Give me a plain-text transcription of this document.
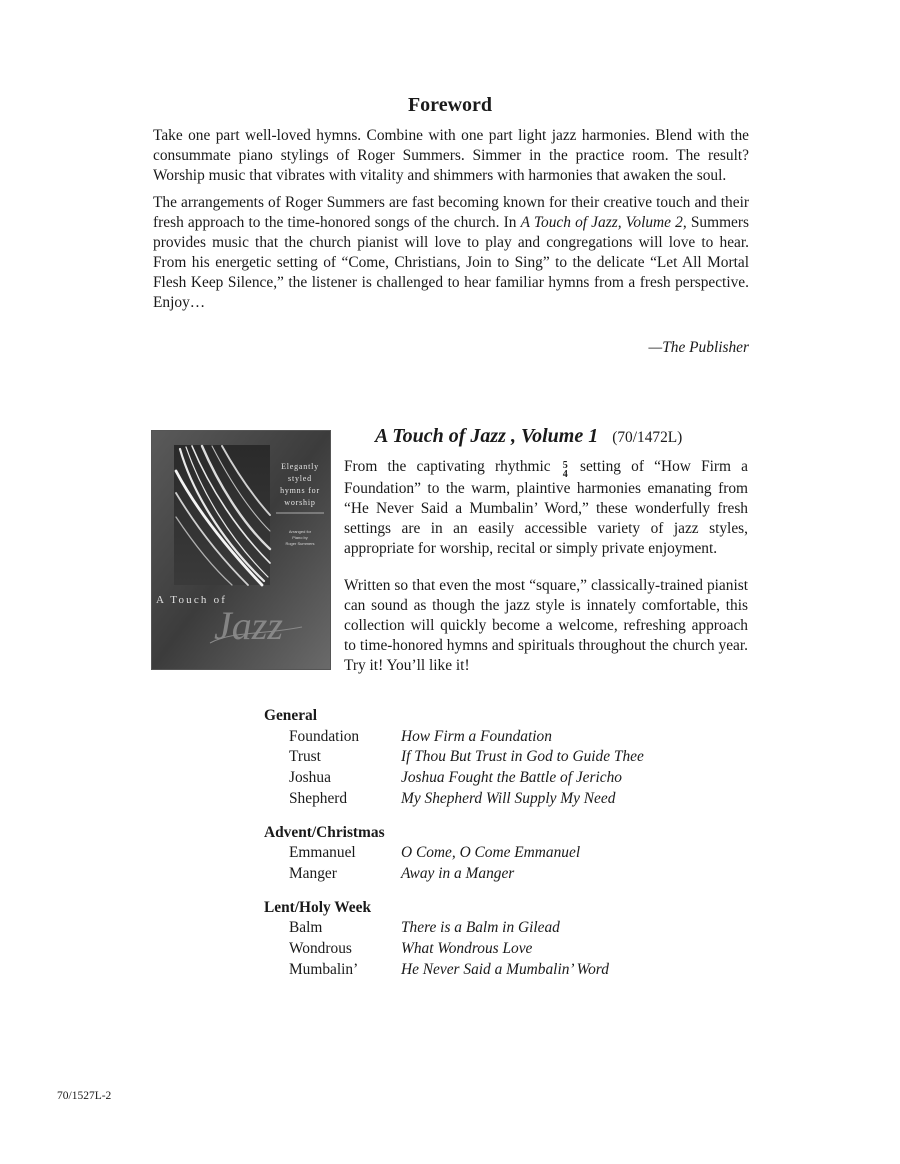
Foreword

Take one part well-loved hymns. Combine with one part light jazz harmonies. Blend with the consummate piano stylings of Roger Summers. Simmer in the practice room. The result? Worship music that vibrates with vitality and shimmers with harmonies that awaken the soul.

The arrangements of Roger Summers are fast becoming known for their creative touch and their fresh approach to the time-honored songs of the church. In A Touch of Jazz, Volume 2, Summers provides music that the church pianist will love to play and congregations will love to hear. From his energetic setting of “Come, Christians, Join to Sing” to the delicate “Let All Mortal Flesh Keep Silence,” the listener is challenged to hear familiar hymns from a fresh perspective. Enjoy…

—The Publisher
Elegantly
styled
hymns for
worship
Arranged for
Piano by
Roger Summers
A Touch of
Jazz
A Touch of Jazz , Volume 1 (70/1472L)

From the captivating rhythmic 5
4 setting of “How Firm a Foundation” to the warm, plaintive harmonies emanating from “He Never Said a Mumbalin’ Word,” these wonderfully fresh settings are in an easily accessible variety of jazz styles, appropriate for worship, recital or simply private enjoyment.

Written so that even the most “square,” classically-trained pianist can sound as though the jazz style is innately comfortable, this collection will quickly become a welcome, refreshing approach to time-honored hymns and spirituals throughout the church year. Try it! You’ll like it!

General
Foundation	How Firm a Foundation
Trust	If Thou But Trust in God to Guide Thee
Joshua	Joshua Fought the Battle of Jericho
Shepherd	My Shepherd Will Supply My Need
Advent/Christmas
Emmanuel	O Come, O Come Emmanuel
Manger	Away in a Manger
Lent/Holy Week
Balm	There is a Balm in Gilead
Wondrous	What Wondrous Love
Mumbalin’	He Never Said a Mumbalin’ Word
70/1527L-2
